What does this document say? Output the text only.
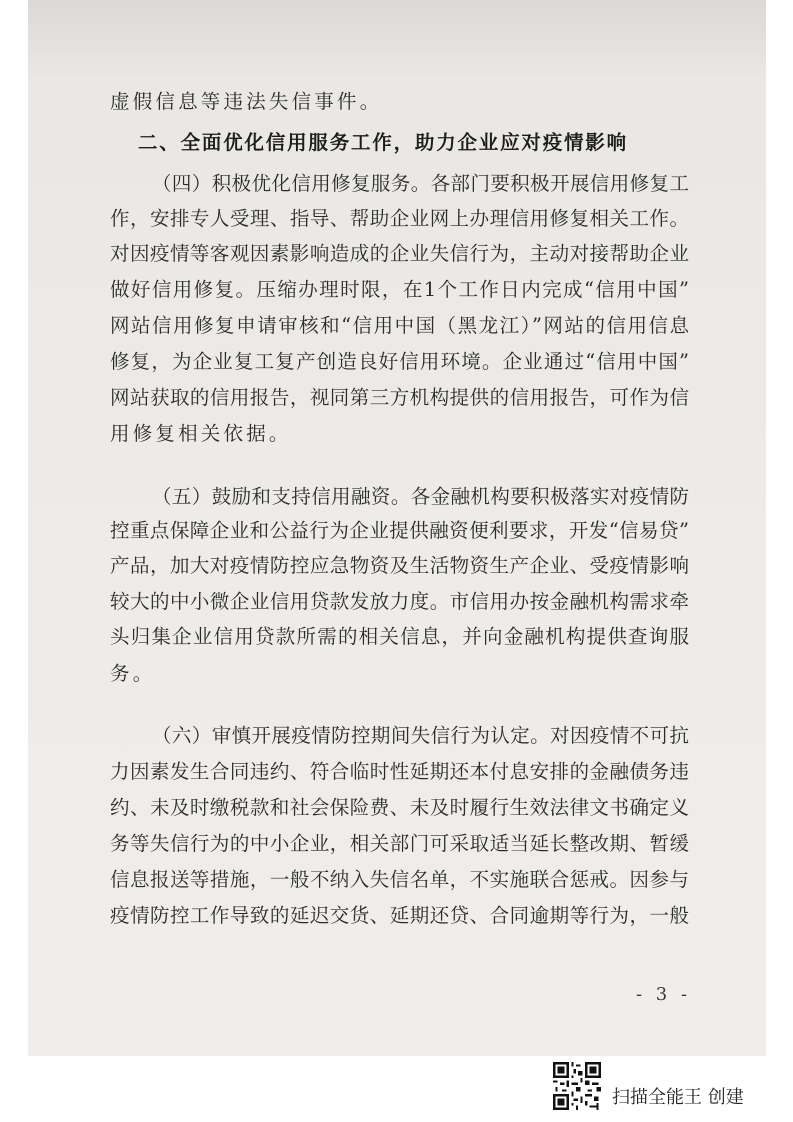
虚假信息等违法失信事件。
二、全面优化信用服务工作，助力企业应对疫情影响
（四）积极优化信用修复服务。各部门要积极开展信用修复工
作，安排专人受理、指导、帮助企业网上办理信用修复相关工作。
对因疫情等客观因素影响造成的企业失信行为，主动对接帮助企业
做好信用修复。压缩办理时限，在1个工作日内完成“信用中国”
网站信用修复申请审核和“信用中国（黑龙江）”网站的信用信息
修复，为企业复工复产创造良好信用环境。企业通过“信用中国”
网站获取的信用报告，视同第三方机构提供的信用报告，可作为信
用修复相关依据。
（五）鼓励和支持信用融资。各金融机构要积极落实对疫情防
控重点保障企业和公益行为企业提供融资便利要求，开发“信易贷”
产品，加大对疫情防控应急物资及生活物资生产企业、受疫情影响
较大的中小微企业信用贷款发放力度。市信用办按金融机构需求牵
头归集企业信用贷款所需的相关信息，并向金融机构提供查询服
务。
（六）审慎开展疫情防控期间失信行为认定。对因疫情不可抗
力因素发生合同违约、符合临时性延期还本付息安排的金融债务违
约、未及时缴税款和社会保险费、未及时履行生效法律文书确定义
务等失信行为的中小企业，相关部门可采取适当延长整改期、暂缓
信息报送等措施，一般不纳入失信名单，不实施联合惩戒。因参与
疫情防控工作导致的延迟交货、延期还贷、合同逾期等行为，一般
- 3 -
扫描全能王 创建
